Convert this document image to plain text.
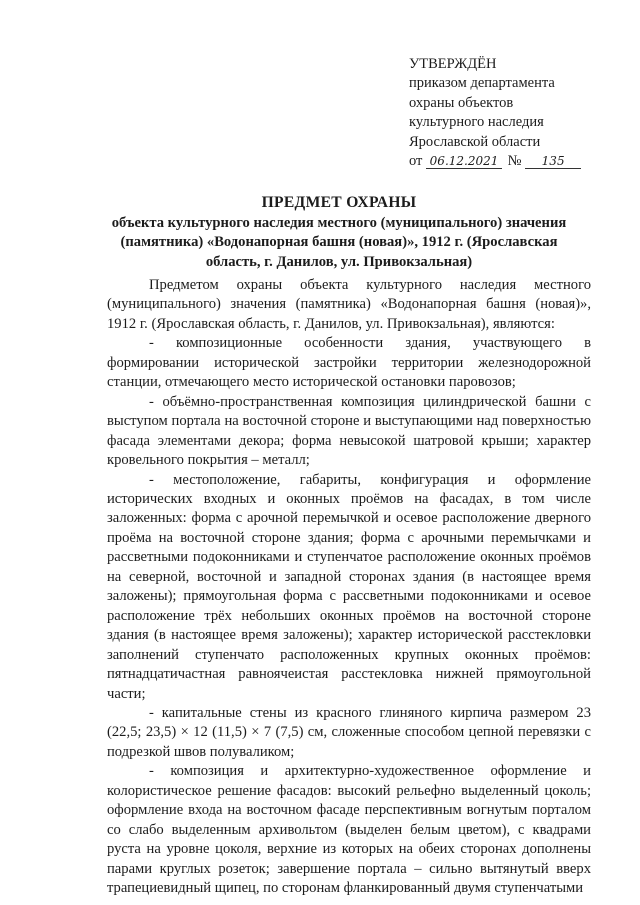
УТВЕРЖДЁН
приказом департамента
охраны объектов
культурного наследия
Ярославской области
от 06.12.2021 № 135
ПРЕДМЕТ ОХРАНЫ
объекта культурного наследия местного (муниципального) значения (памятника) «Водонапорная башня (новая)», 1912 г. (Ярославская область, г. Данилов, ул. Привокзальная)

Предметом охраны объекта культурного наследия местного (муниципального) значения (памятника) «Водонапорная башня (новая)», 1912 г. (Ярославская область, г. Данилов, ул. Привокзальная), являются:

- композиционные особенности здания, участвующего в формировании исторической застройки территории железнодорожной станции, отмечающего место исторической остановки паровозов;

- объёмно-пространственная композиция цилиндрической башни с выступом портала на восточной стороне и выступающими над поверхностью фасада элементами декора; форма невысокой шатровой крыши; характер кровельного покрытия – металл;

- местоположение, габариты, конфигурация и оформление исторических входных и оконных проёмов на фасадах, в том числе заложенных: форма с арочной перемычкой и осевое расположение дверного проёма на восточной стороне здания; форма с арочными перемычками и рассветными подоконниками и ступенчатое расположение оконных проёмов на северной, восточной и западной сторонах здания (в настоящее время заложены); прямоугольная форма с рассветными подоконниками и осевое расположение трёх небольших оконных проёмов на восточной стороне здания (в настоящее время заложены); характер исторической расстекловки заполнений ступенчато расположенных крупных оконных проёмов: пятнадцатичастная равноячеистая расстекловка нижней прямоугольной части;

- капитальные стены из красного глиняного кирпича размером 23 (22,5; 23,5) × 12 (11,5) × 7 (7,5) см, сложенные способом цепной перевязки с подрезкой швов полуваликом;

- композиция и архитектурно-художественное оформление и колористическое решение фасадов: высокий рельефно выделенный цоколь; оформление входа на восточном фасаде перспективным вогнутым порталом со слабо выделенным архивольтом (выделен белым цветом), с квадрами руста на уровне цоколя, верхние из которых на обеих сторонах дополнены парами круглых розеток; завершение портала – сильно вытянутый вверх трапециевидный щипец, по сторонам фланкированный двумя ступенчатыми
